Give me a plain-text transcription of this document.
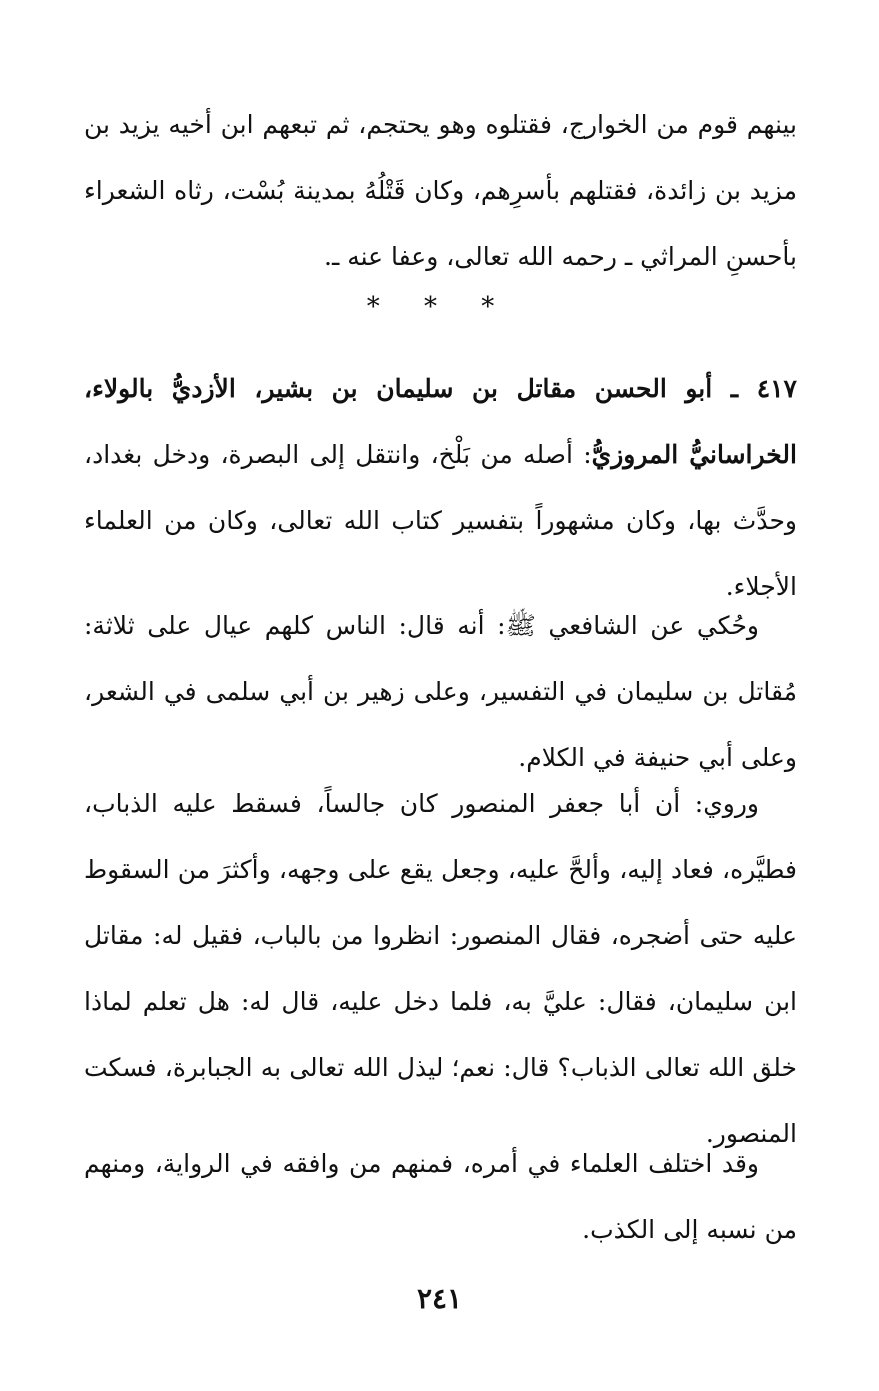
بينهم قوم من الخوارج، فقتلوه وهو يحتجم، ثم تبعهم ابن أخيه يزيد بن
مزيد بن زائدة، فقتلهم بأسرِهم، وكان قَتْلُهُ بمدينة بُسْت، رثاه الشعراء
بأحسنِ المراثي ـ رحمه الله تعالى، وعفا عنه ـ.
* * *
٤١٧ ـ أبو الحسن مقاتل بن سليمان بن بشير، الأزديُّ بالولاء،
الخراسانيُّ المروزيُّ: أصله من بَلْخ، وانتقل إلى البصرة، ودخل بغداد،
وحدَّث بها، وكان مشهوراً بتفسير كتاب الله تعالى، وكان من العلماء
الأجلاء.
وحُكي عن الشافعي ﷺ: أنه قال: الناس كلهم عيال على ثلاثة:
مُقاتل بن سليمان في التفسير، وعلى زهير بن أبي سلمى في الشعر،
وعلى أبي حنيفة في الكلام.
وروي: أن أبا جعفر المنصور كان جالساً، فسقط عليه الذباب،
فطيَّره، فعاد إليه، وألحَّ عليه، وجعل يقع على وجهه، وأكثرَ من السقوط
عليه حتى أضجره، فقال المنصور: انظروا من بالباب، فقيل له: مقاتل
ابن سليمان، فقال: عليَّ به، فلما دخل عليه، قال له: هل تعلم لماذا
خلق الله تعالى الذباب؟ قال: نعم؛ ليذل الله تعالى به الجبابرة، فسكت
المنصور.
وقد اختلف العلماء في أمره، فمنهم من وافقه في الرواية، ومنهم
من نسبه إلى الكذب.
٢٤١
